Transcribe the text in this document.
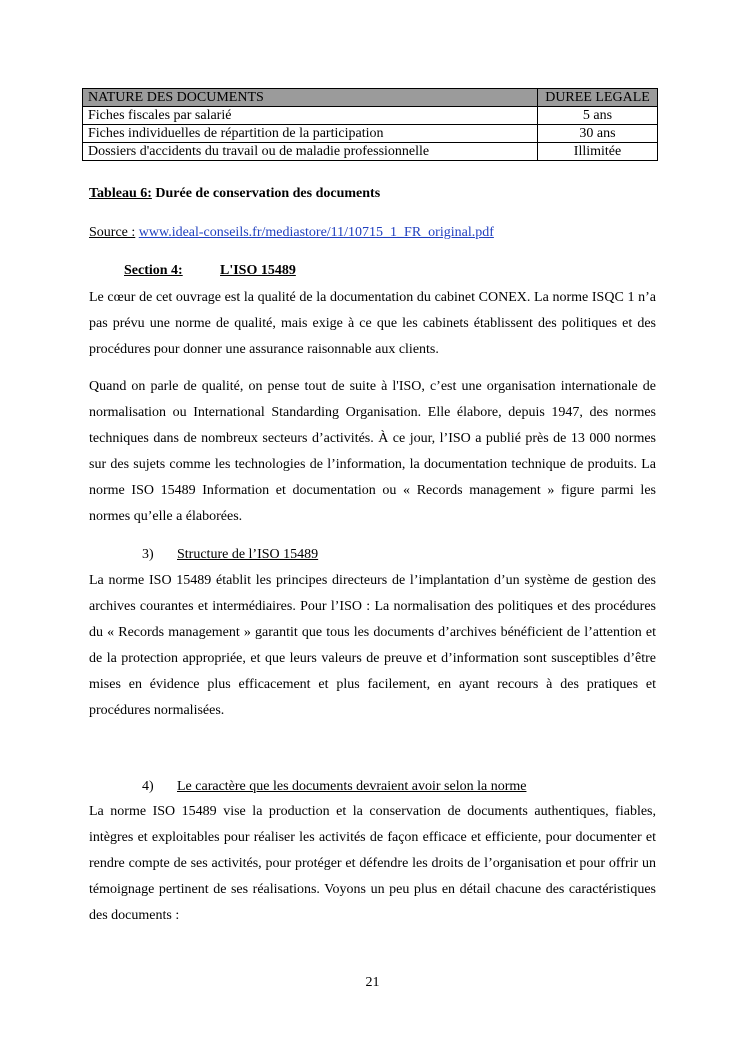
NATURE DES DOCUMENTS	DUREE LEGALE
Fiches fiscales par salarié	5 ans
Fiches individuelles de répartition de la participation	30 ans
Dossiers d'accidents du travail ou de maladie professionnelle	Illimitée
Tableau 6: Durée de conservation des documents
Source : www.ideal-conseils.fr/mediastore/11/10715_1_FR_original.pdf
Section 4:	L'ISO 15489

Le cœur de cet ouvrage est la qualité de la documentation du cabinet CONEX. La norme ISQC 1 n’a pas prévu une norme de qualité, mais exige à ce que les cabinets établissent des politiques et des procédures pour donner une assurance raisonnable aux clients.

Quand on parle de qualité, on pense tout de suite à l'ISO, c’est une organisation internationale de normalisation ou International Standarding Organisation. Elle élabore, depuis 1947, des normes techniques dans de nombreux secteurs d’activités. À ce jour, l’ISO a publié près de 13 000 normes sur des sujets comme les technologies de l’information, la documentation technique de produits. La norme ISO 15489 Information et documentation ou « Records management » figure parmi les normes qu’elle a élaborées.

3) Structure de l’ISO 15489

La norme ISO 15489 établit les principes directeurs de l’implantation d’un système de gestion des archives courantes et intermédiaires. Pour l’ISO : La normalisation des politiques et des procédures du « Records management » garantit que tous les documents d’archives bénéficient de l’attention et de la protection appropriée, et que leurs valeurs de preuve et d’information sont susceptibles d’être mises en évidence plus efficacement et plus facilement, en ayant recours à des pratiques et procédures normalisées.

4) Le caractère que les documents devraient avoir selon la norme

La norme ISO 15489 vise la production et la conservation de documents authentiques, fiables, intègres et exploitables pour réaliser les activités de façon efficace et efficiente, pour documenter et rendre compte de ses activités, pour protéger et défendre les droits de l’organisation et pour offrir un témoignage pertinent de ses réalisations. Voyons un peu plus en détail chacune des caractéristiques des documents :

21
